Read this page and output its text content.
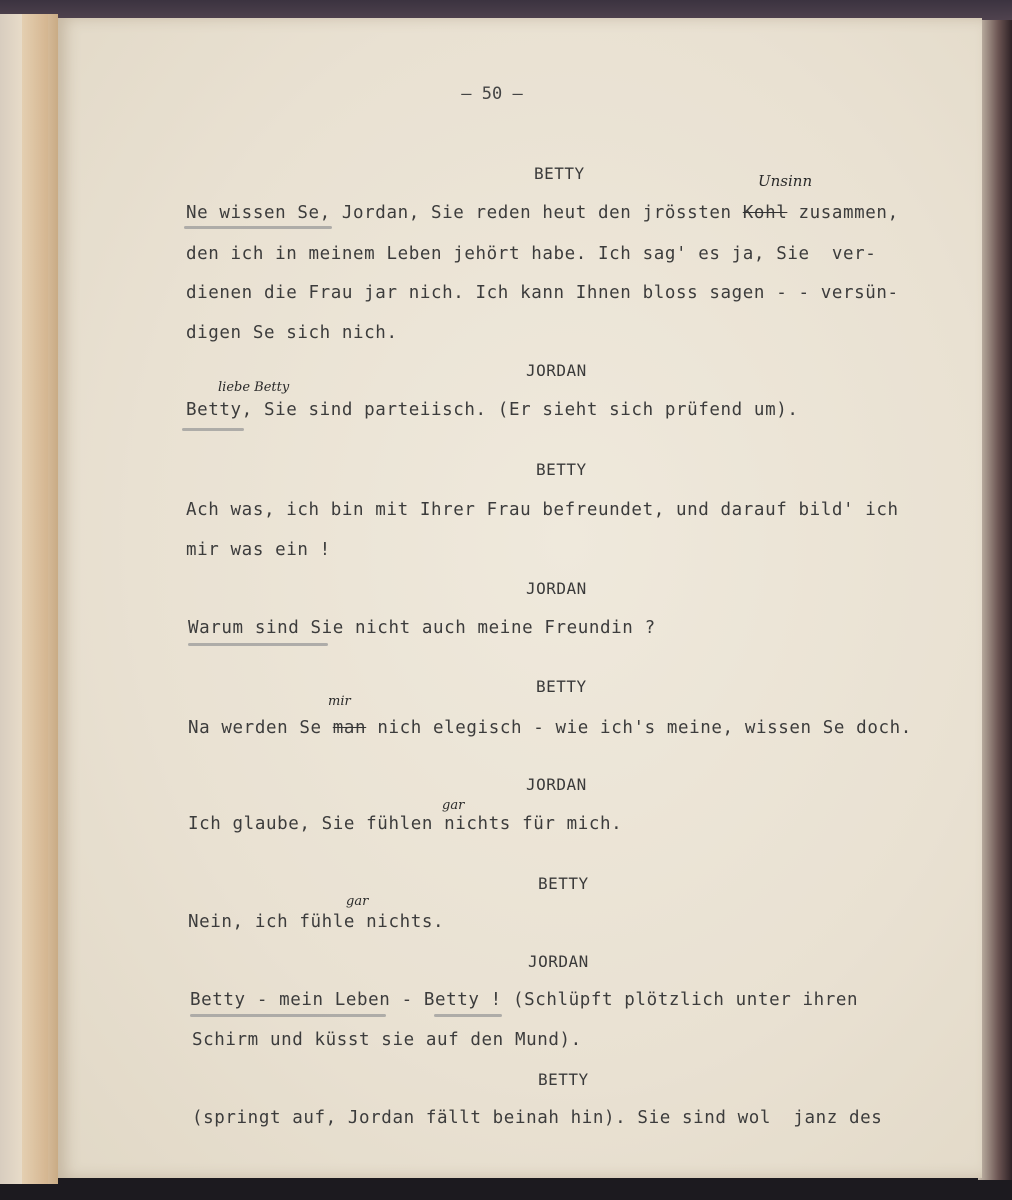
– 50 –
BETTY	Unsinn
Ne wissen Se, Jordan, Sie reden heut den jrössten Kohl zusammen,
den ich in meinem Leben jehört habe. Ich sag' es ja, Sie  ver-
dienen die Frau jar nich. Ich kann Ihnen bloss sagen - - versün-
digen Se sich nich.
JORDAN
liebe Betty
Betty, Sie sind parteiisch. (Er sieht sich prüfend um).
BETTY
Ach was, ich bin mit Ihrer Frau befreundet, und darauf bild' ich
mir was ein !
JORDAN
Warum sind Sie nicht auch meine Freundin ?
BETTY
mir
Na werden Se man nich elegisch - wie ich's meine, wissen Se doch.
JORDAN
gar
Ich glaube, Sie fühlen nichts für mich.
BETTY
gar
Nein, ich fühle nichts.
JORDAN
Betty - mein Leben - Betty ! (Schlüpft plötzlich unter ihren
Schirm und küsst sie auf den Mund).
BETTY
(springt auf, Jordan fällt beinah hin). Sie sind wol  janz des
